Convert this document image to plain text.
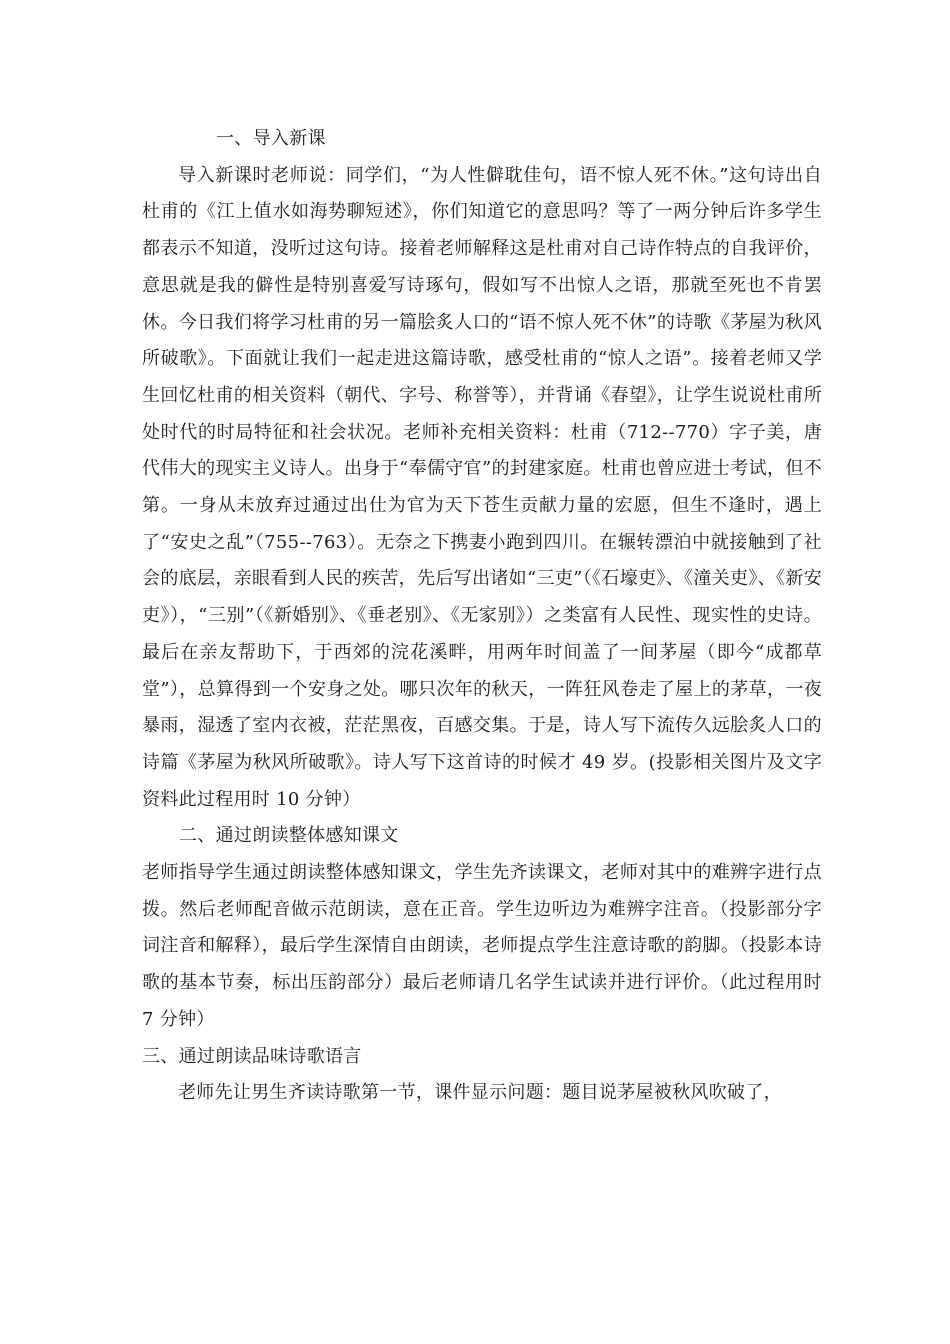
一、导入新课

导入新课时老师说：同学们，“为人性僻耽佳句，语不惊人死不休。”这句诗出自杜甫的《江上值水如海势聊短述》，你们知道它的意思吗？等了一两分钟后许多学生都表示不知道，没听过这句诗。接着老师解释这是杜甫对自己诗作特点的自我评价，意思就是我的僻性是特别喜爱写诗琢句，假如写不出惊人之语，那就至死也不肯罢休。今日我们将学习杜甫的另一篇脍炙人口的“语不惊人死不休”的诗歌《茅屋为秋风所破歌》。下面就让我们一起走进这篇诗歌，感受杜甫的“惊人之语”。接着老师又学生回忆杜甫的相关资料（朝代、字号、称誉等），并背诵《春望》，让学生说说杜甫所处时代的时局特征和社会状况。老师补充相关资料：杜甫（712--770）字子美，唐代伟大的现实主义诗人。出身于“奉儒守官”的封建家庭。杜甫也曾应进士考试，但不第。一身从未放弃过通过出仕为官为天下苍生贡献力量的宏愿，但生不逢时，遇上了“安史之乱”（755--763）。无奈之下携妻小跑到四川。在辗转漂泊中就接触到了社会的底层，亲眼看到人民的疾苦，先后写出诸如“三吏”（《石壕吏》、《潼关吏》、《新安吏》），“三别”（《新婚别》、《垂老别》、《无家别》）之类富有人民性、现实性的史诗。最后在亲友帮助下，于西郊的浣花溪畔，用两年时间盖了一间茅屋（即今“成都草堂”），总算得到一个安身之处。哪只次年的秋天，一阵狂风卷走了屋上的茅草，一夜暴雨，湿透了室内衣被，茫茫黑夜，百感交集。于是，诗人写下流传久远脍炙人口的诗篇《茅屋为秋风所破歌》。诗人写下这首诗的时候才 49 岁。(投影相关图片及文字资料此过程用时 10 分钟）

二、通过朗读整体感知课文

老师指导学生通过朗读整体感知课文，学生先齐读课文，老师对其中的难辨字进行点拨。然后老师配音做示范朗读，意在正音。学生边听边为难辨字注音。（投影部分字词注音和解释），最后学生深情自由朗读，老师提点学生注意诗歌的韵脚。（投影本诗歌的基本节奏，标出压韵部分）最后老师请几名学生试读并进行评价。（此过程用时 7 分钟）

三、通过朗读品味诗歌语言

老师先让男生齐读诗歌第一节，课件显示问题：题目说茅屋被秋风吹破了，
